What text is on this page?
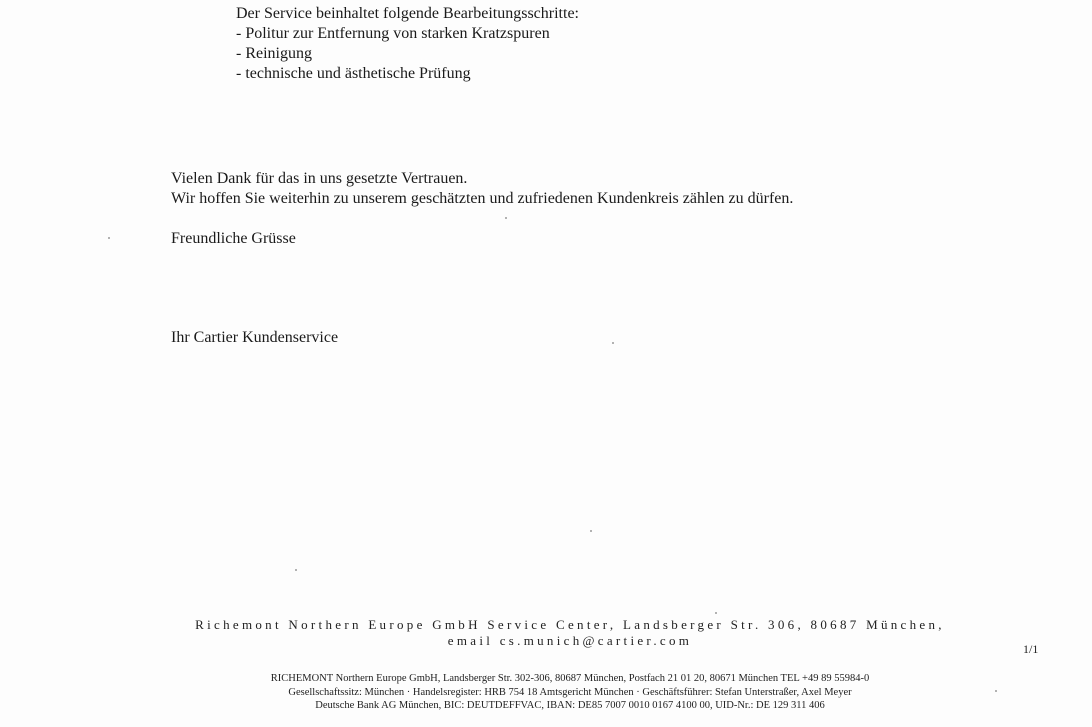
Der Service beinhaltet folgende Bearbeitungsschritte:
- Politur zur Entfernung von starken Kratzspuren
- Reinigung
- technische und ästhetische Prüfung
Vielen Dank für das in uns gesetzte Vertrauen.
Wir hoffen Sie weiterhin zu unserem geschätzten und zufriedenen Kundenkreis zählen zu dürfen.
Freundliche Grüsse
Ihr Cartier Kundenservice
Richemont Northern Europe GmbH Service Center, Landsberger Str. 306, 80687 München,
email cs.munich@cartier.com
1/1
RICHEMONT Northern Europe GmbH, Landsberger Str. 302-306, 80687 München, Postfach 21 01 20, 80671 München TEL +49 89 55984-0
Gesellschaftssitz: München · Handelsregister: HRB 754 18 Amtsgericht München · Geschäftsführer: Stefan Unterstraßer, Axel Meyer
Deutsche Bank AG München, BIC: DEUTDEFFVAC, IBAN: DE85 7007 0010 0167 4100 00, UID-Nr.: DE 129 311 406
